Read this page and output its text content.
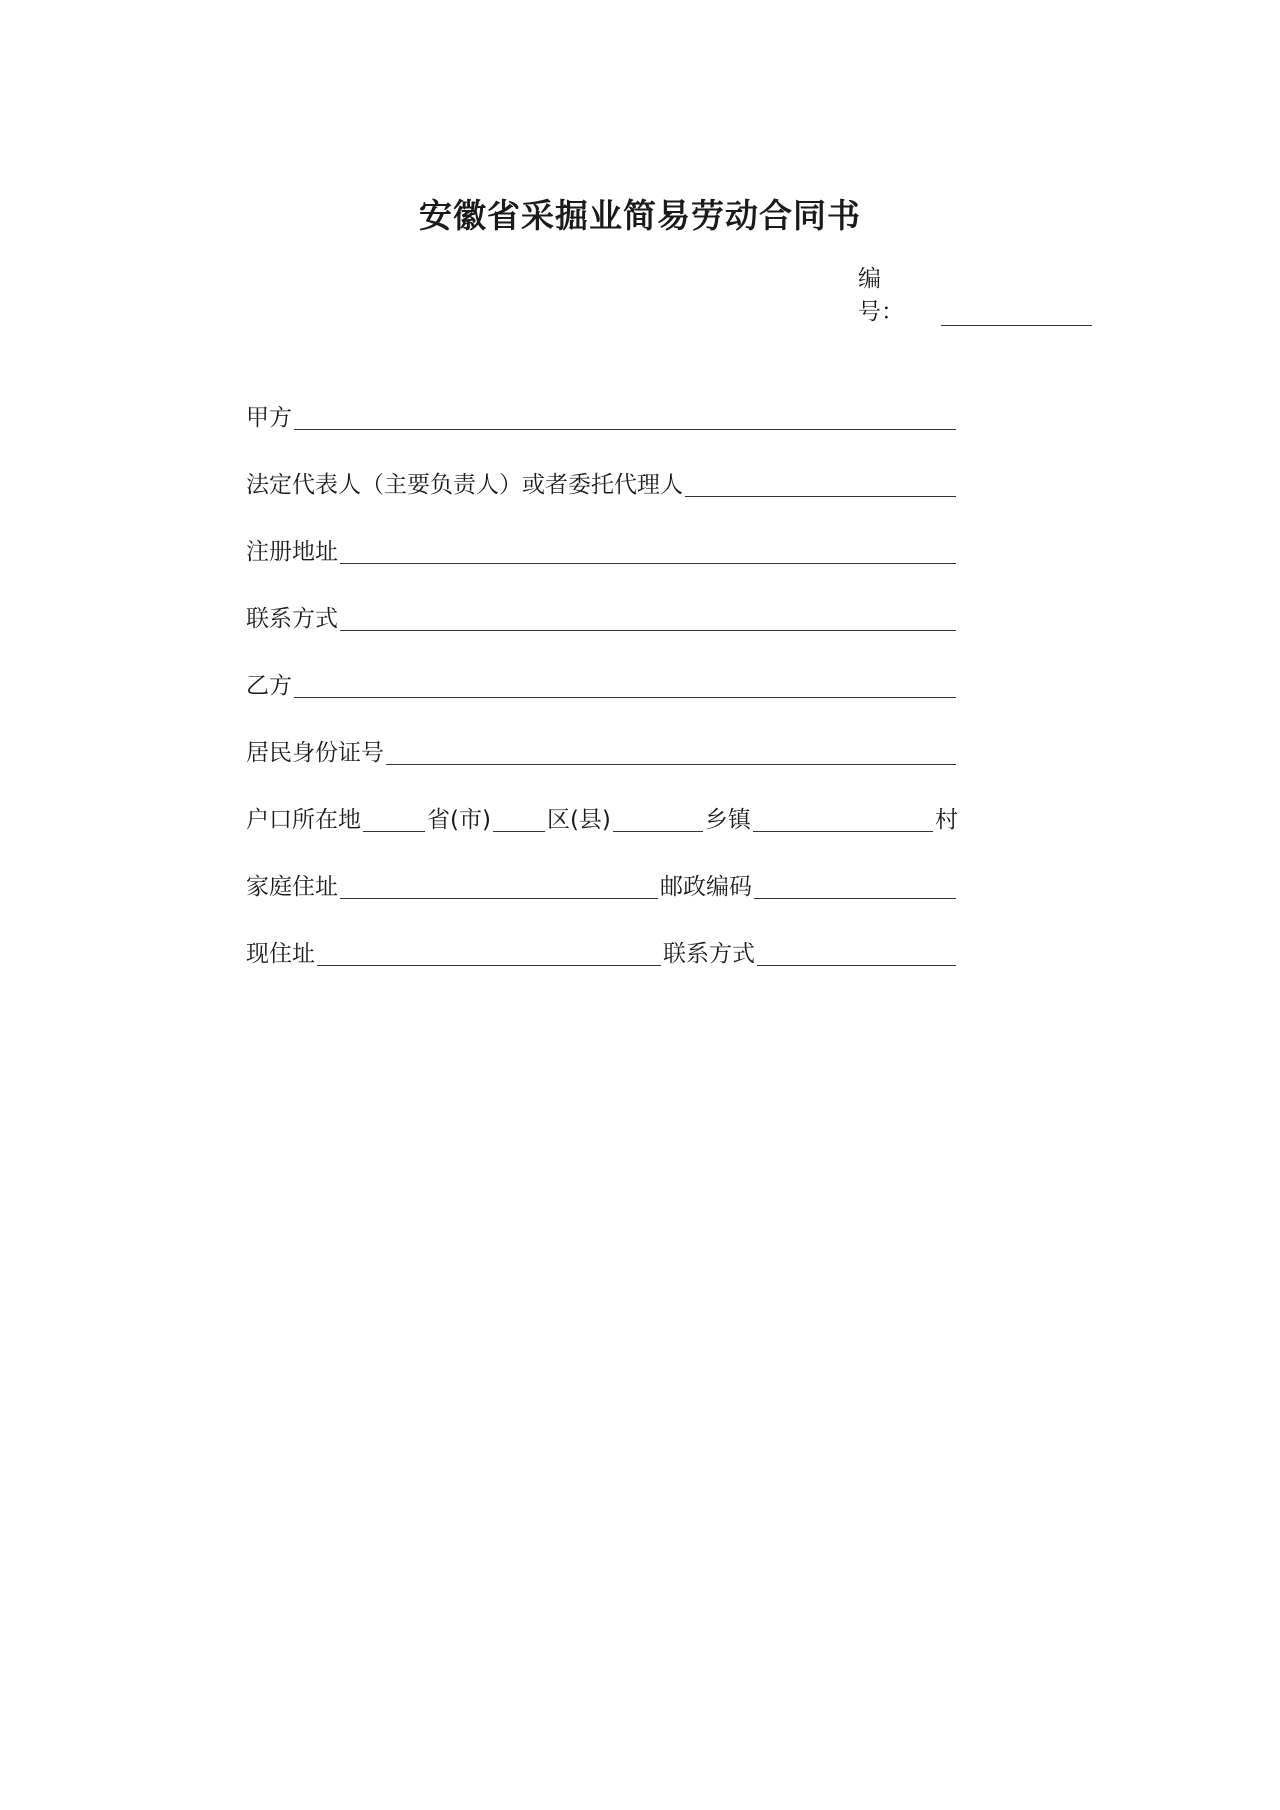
安徽省采掘业简易劳动合同书
编号：
甲方
法定代表人（主要负责人）或者委托代理人
注册地址
联系方式
乙方
居民身份证号
户口所在地	省(市) 区(县)	乡镇	村
家庭住址	邮政编码
现住址	联系方式
